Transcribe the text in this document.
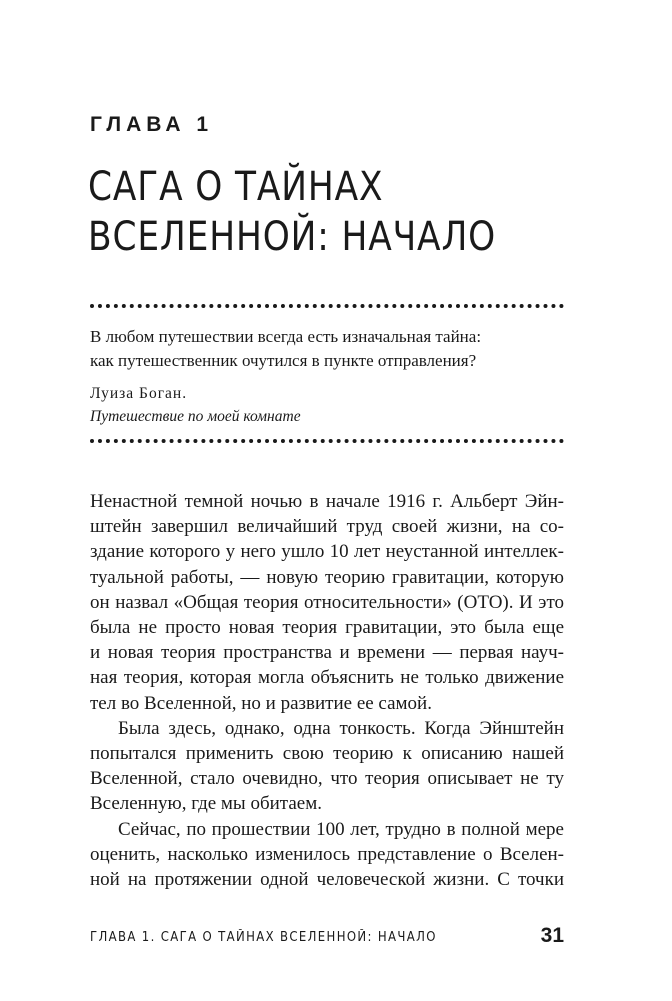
ГЛАВА 1
САГА О ТАЙНАХ
ВСЕЛЕННОЙ: НАЧАЛО

В любом путешествии всегда есть изначальная тайна:
как путешественник очутился в пункте отправления?

Луиза Боган.

Путешествие по моей комнате

Ненастной темной ночью в начале 1916 г. Альберт Эйн-
штейн завершил величайший труд своей жизни, на со-
здание которого у него ушло 10 лет неустанной интеллек-
туальной работы, — новую теорию гравитации, которую
он назвал «Общая теория относительности» (ОТО). И это
была не просто новая теория гравитации, это была еще
и новая теория пространства и времени — первая науч-
ная теория, которая могла объяснить не только движение
тел во Вселенной, но и развитие ее самой.

Была здесь, однако, одна тонкость. Когда Эйнштейн
попытался применить свою теорию к описанию нашей
Вселенной, стало очевидно, что теория описывает не ту
Вселенную, где мы обитаем.

Сейчас, по прошествии 100 лет, трудно в полной мере
оценить, насколько изменилось представление о Вселен-
ной на протяжении одной человеческой жизни. С точки

ГЛАВА 1. САГА О ТАЙНАХ ВСЕЛЕННОЙ: НАЧАЛО	31
